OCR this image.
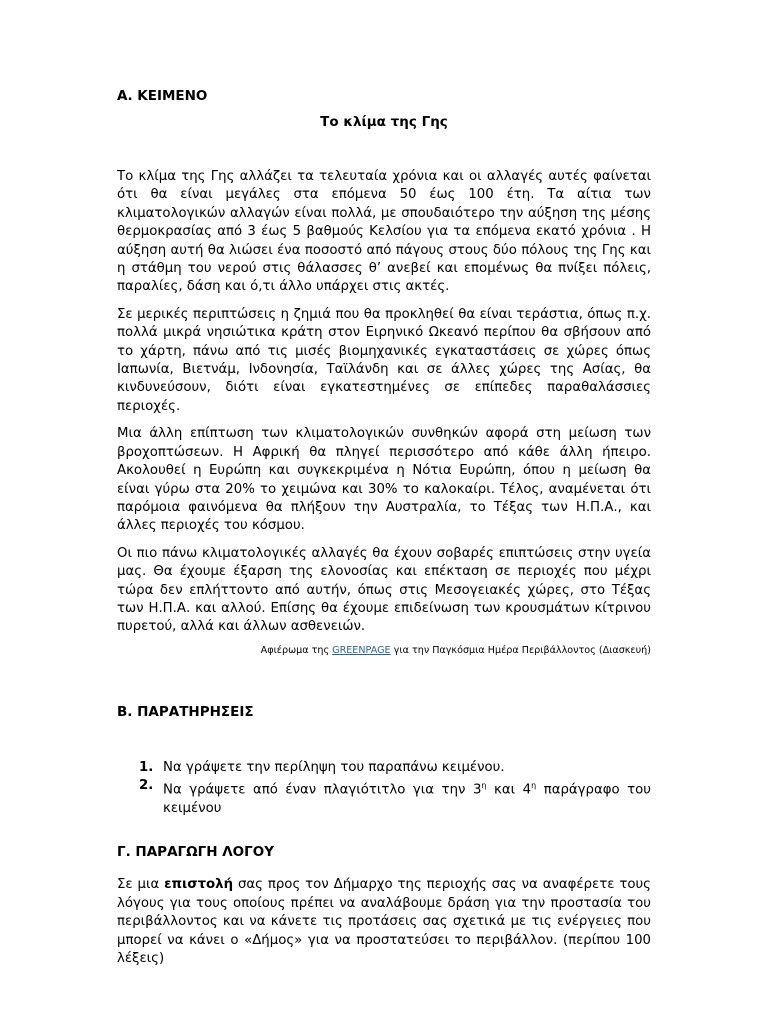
Α. ΚΕΙΜΕΝΟ

Το κλίμα της Γης

Το κλίμα της Γης αλλάζει τα τελευταία χρόνια και οι αλλαγές αυτές φαίνεται ότι θα είναι μεγάλες στα επόμενα 50 έως 100 έτη. Τα αίτια των κλιματολογικών αλλαγών είναι πολλά, με σπουδαιότερο την αύξηση της μέσης θερμοκρασίας από 3 έως 5 βαθμούς Κελσίου για τα επόμενα εκατό χρόνια . Η αύξηση αυτή θα λιώσει ένα ποσοστό από πάγους στους δύο πόλους της Γης και η στάθμη του νερού στις θάλασσες θ’ ανεβεί και επομένως θα πνίξει πόλεις, παραλίες, δάση και ό,τι άλλο υπάρχει στις ακτές.

Σε μερικές περιπτώσεις η ζημιά που θα προκληθεί θα είναι τεράστια, όπως π.χ. πολλά μικρά νησιώτικα κράτη στον Ειρηνικό Ωκεανό περίπου θα σβήσουν από το χάρτη, πάνω από τις μισές βιομηχανικές εγκαταστάσεις σε χώρες όπως Ιαπωνία, Βιετνάμ, Ινδονησία, Ταϊλάνδη και σε άλλες χώρες της Ασίας, θα κινδυνεύσουν, διότι είναι εγκατεστημένες σε επίπεδες παραθαλάσσιες περιοχές.

Μια άλλη επίπτωση των κλιματολογικών συνθηκών αφορά στη μείωση των βροχοπτώσεων. Η Αφρική θα πληγεί περισσότερο από κάθε άλλη ήπειρο. Ακολουθεί η Ευρώπη και συγκεκριμένα η Νότια Ευρώπη, όπου η μείωση θα είναι γύρω στα 20% το χειμώνα και 30% το καλοκαίρι. Τέλος, αναμένεται ότι παρόμοια φαινόμενα θα πλήξουν την Αυστραλία, το Τέξας των Η.Π.Α., και άλλες περιοχές του κόσμου.

Οι πιο πάνω κλιματολογικές αλλαγές θα έχουν σοβαρές επιπτώσεις στην υγεία μας. Θα έχουμε έξαρση της ελονοσίας και επέκταση σε περιοχές που μέχρι τώρα δεν επλήττοντο από αυτήν, όπως στις Μεσογειακές χώρες, στο Τέξας των Η.Π.Α. και αλλού. Επίσης θα έχουμε επιδείνωση των κρουσμάτων κίτρινου πυρετού, αλλά και άλλων ασθενειών.

Αφιέρωμα της GREENPAGE για την Παγκόσμια Ημέρα Περιβάλλοντος (Διασκευή)

Β. ΠΑΡΑΤΗΡΗΣΕΙΣ

1. Να γράψετε την περίληψη του παραπάνω κειμένου.
2. Να γράψετε από έναν πλαγιότιτλο για την $3^\eta$ και $4^\eta$ παράγραφο του κειμένου

Γ. ΠΑΡΑΓΩΓΗ ΛΟΓΟΥ

Σε μια επιστολή σας προς τον Δήμαρχο της περιοχής σας να αναφέρετε τους λόγους για τους οποίους πρέπει να αναλάβουμε δράση για την προστασία του περιβάλλοντος και να κάνετε τις προτάσεις σας σχετικά με τις ενέργειες που μπορεί να κάνει ο «Δήμος» για να προστατεύσει το περιβάλλον. (περίπου 100 λέξεις)
